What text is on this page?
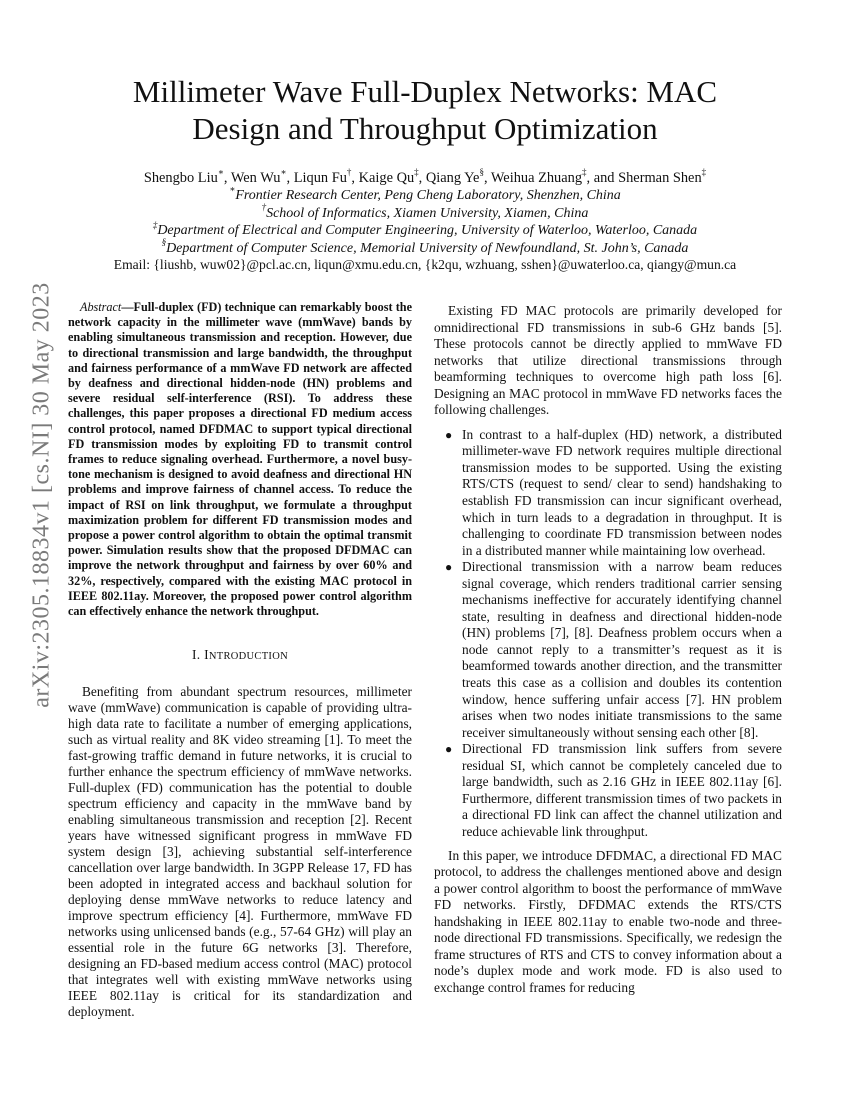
arXiv:2305.18834v1 [cs.NI] 30 May 2023
Millimeter Wave Full-Duplex Networks: MAC Design and Throughput Optimization
Shengbo Liu∗, Wen Wu∗, Liqun Fu†, Kaige Qu‡, Qiang Ye§, Weihua Zhuang‡, and Sherman Shen‡
∗Frontier Research Center, Peng Cheng Laboratory, Shenzhen, China
†School of Informatics, Xiamen University, Xiamen, China
‡Department of Electrical and Computer Engineering, University of Waterloo, Waterloo, Canada
§Department of Computer Science, Memorial University of Newfoundland, St. John’s, Canada
Email: {liushb, wuw02}@pcl.ac.cn, liqun@xmu.edu.cn, {k2qu, wzhuang, sshen}@uwaterloo.ca, qiangy@mun.ca

Abstract—Full-duplex (FD) technique can remarkably boost the network capacity in the millimeter wave (mmWave) bands by enabling simultaneous transmission and reception. However, due to directional transmission and large bandwidth, the throughput and fairness performance of a mmWave FD network are affected by deafness and directional hidden-node (HN) problems and severe residual self-interference (RSI). To address these challenges, this paper proposes a directional FD medium access control protocol, named DFDMAC to support typical directional FD transmission modes by exploiting FD to transmit control frames to reduce signaling overhead. Furthermore, a novel busy-tone mechanism is designed to avoid deafness and directional HN problems and improve fairness of channel access. To reduce the impact of RSI on link throughput, we formulate a throughput maximization problem for different FD transmission modes and propose a power control algorithm to obtain the optimal transmit power. Simulation results show that the proposed DFDMAC can improve the network throughput and fairness by over 60% and 32%, respectively, compared with the existing MAC protocol in IEEE 802.11ay. Moreover, the proposed power control algorithm can effectively enhance the network throughput.

I. INTRODUCTION

Benefiting from abundant spectrum resources, millimeter wave (mmWave) communication is capable of providing ultra-high data rate to facilitate a number of emerging applications, such as virtual reality and 8K video streaming [1]. To meet the fast-growing traffic demand in future networks, it is crucial to further enhance the spectrum efficiency of mmWave networks. Full-duplex (FD) communication has the potential to double spectrum efficiency and capacity in the mmWave band by enabling simultaneous transmission and reception [2]. Recent years have witnessed significant progress in mmWave FD system design [3], achieving substantial self-interference cancellation over large bandwidth. In 3GPP Release 17, FD has been adopted in integrated access and backhaul solution for deploying dense mmWave networks to reduce latency and improve spectrum efficiency [4]. Furthermore, mmWave FD networks using unlicensed bands (e.g., 57-64 GHz) will play an essential role in the future 6G networks [3]. Therefore, designing an FD-based medium access control (MAC) protocol that integrates well with existing mmWave networks using IEEE 802.11ay is critical for its standardization and deployment.

Existing FD MAC protocols are primarily developed for omnidirectional FD transmissions in sub-6 GHz bands [5]. These protocols cannot be directly applied to mmWave FD networks that utilize directional transmissions through beamforming techniques to overcome high path loss [6]. Designing an MAC protocol in mmWave FD networks faces the following challenges.

● In contrast to a half-duplex (HD) network, a distributed millimeter-wave FD network requires multiple directional transmission modes to be supported. Using the existing RTS/CTS (request to send/ clear to send) handshaking to establish FD transmission can incur significant overhead, which in turn leads to a degradation in throughput. It is challenging to coordinate FD transmission between nodes in a distributed manner while maintaining low overhead.
● Directional transmission with a narrow beam reduces signal coverage, which renders traditional carrier sensing mechanisms ineffective for accurately identifying channel state, resulting in deafness and directional hidden-node (HN) problems [7], [8]. Deafness problem occurs when a node cannot reply to a transmitter’s request as it is beamformed towards another direction, and the transmitter treats this case as a collision and doubles its contention window, hence suffering unfair access [7]. HN problem arises when two nodes initiate transmissions to the same receiver simultaneously without sensing each other [8].
● Directional FD transmission link suffers from severe residual SI, which cannot be completely canceled due to large bandwidth, such as 2.16 GHz in IEEE 802.11ay [6]. Furthermore, different transmission times of two packets in a directional FD link can affect the channel utilization and reduce achievable link throughput.

In this paper, we introduce DFDMAC, a directional FD MAC protocol, to address the challenges mentioned above and design a power control algorithm to boost the performance of mmWave FD networks. Firstly, DFDMAC extends the RTS/CTS handshaking in IEEE 802.11ay to enable two-node and three-node directional FD transmissions. Specifically, we redesign the frame structures of RTS and CTS to convey information about a node’s duplex mode and work mode. FD is also used to exchange control frames for reducing
